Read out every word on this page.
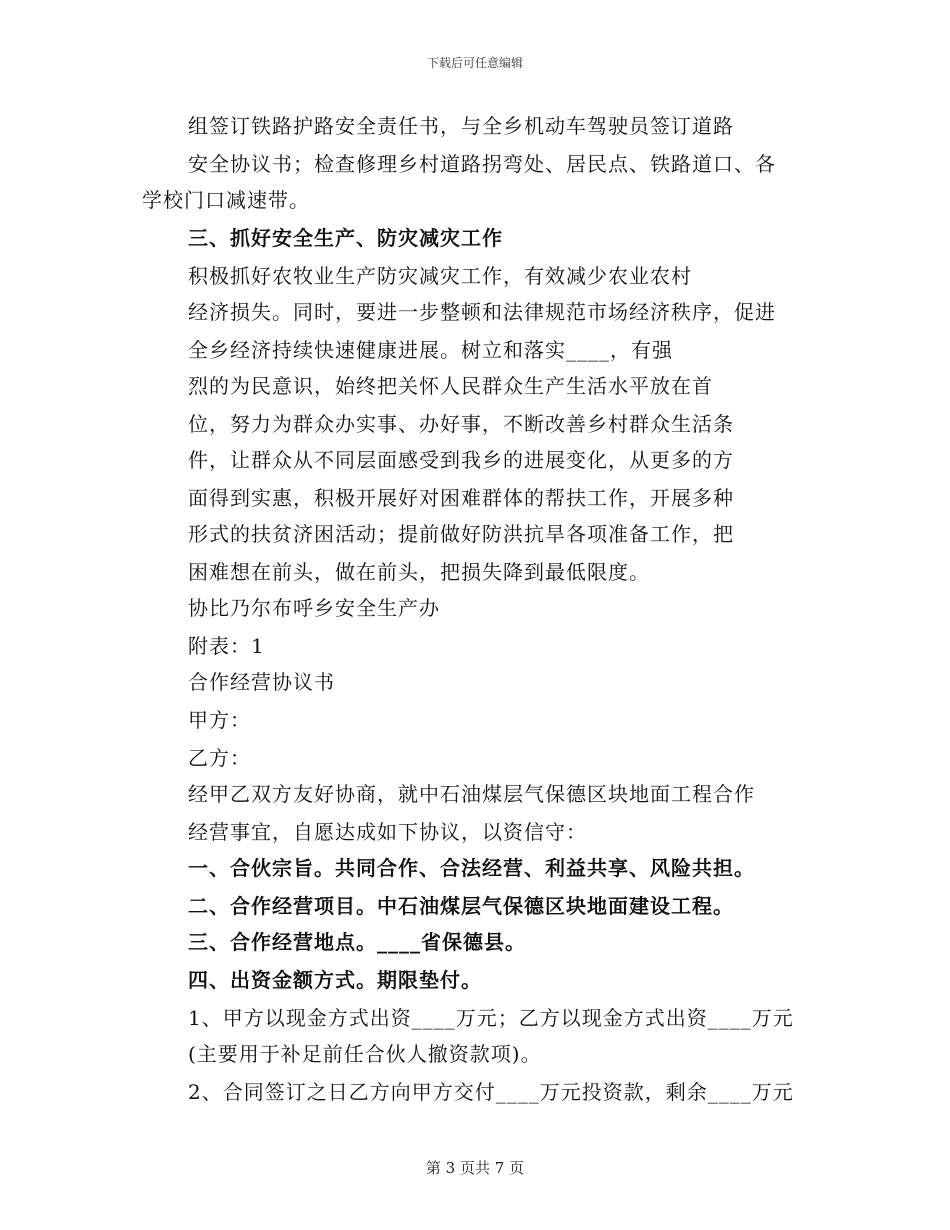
下载后可任意编辑
组签订铁路护路安全责任书，与全乡机动车驾驶员签订道路
安全协议书；检查修理乡村道路拐弯处、居民点、铁路道口、各
学校门口减速带。
三、抓好安全生产、防灾减灾工作
积极抓好农牧业生产防灾减灾工作，有效减少农业农村
经济损失。同时，要进一步整顿和法律规范市场经济秩序，促进
全乡经济持续快速健康进展。树立和落实____，有强
烈的为民意识，始终把关怀人民群众生产生活水平放在首
位，努力为群众办实事、办好事，不断改善乡村群众生活条
件，让群众从不同层面感受到我乡的进展变化，从更多的方
面得到实惠，积极开展好对困难群体的帮扶工作，开展多种
形式的扶贫济困活动；提前做好防洪抗旱各项准备工作，把
困难想在前头，做在前头，把损失降到最低限度。
协比乃尔布呼乡安全生产办
附表：1
合作经营协议书
甲方：
乙方：
经甲乙双方友好协商，就中石油煤层气保德区块地面工程合作
经营事宜，自愿达成如下协议，以资信守：
一、合伙宗旨。共同合作、合法经营、利益共享、风险共担。
二、合作经营项目。中石油煤层气保德区块地面建设工程。
三、合作经营地点。____省保德县。
四、出资金额方式。期限垫付。
1、甲方以现金方式出资____万元；乙方以现金方式出资____万元
(主要用于补足前任合伙人撤资款项)。
2、合同签订之日乙方向甲方交付____万元投资款，剩余____万元
第 3 页共 7 页
